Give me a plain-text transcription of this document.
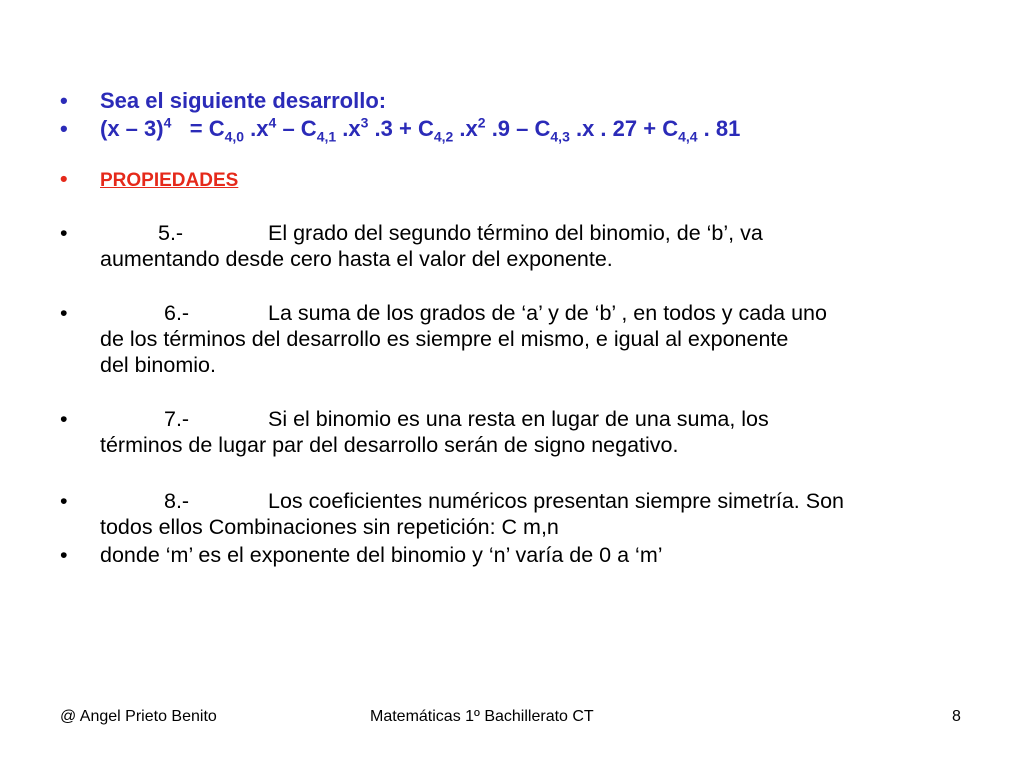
•	Sea el siguiente desarrollo:
•	$(x - 3)^4 = C_{4,0}$ $.x^4 - C_{4,1}$ $.x^3$ $.3 + C_{4,2}$ $.x^2$ $.9 - C_{4,3}$ .x . $27 + C_{4,4}$ . 81
•	PROPIEDADES
•	5.-	El grado del segundo término del binomio, de ‘b’, va
aumentando desde cero hasta el valor del exponente.
•	6.-	La suma de los grados de ‘a’ y de ‘b’ , en todos y cada uno
de los términos del desarrollo es siempre el mismo, e igual al exponente
del binomio.
•	7.-	Si el binomio es una resta en lugar de una suma, los
términos de lugar par del desarrollo serán de signo negativo.
•	8.-	Los coeficientes numéricos presentan siempre simetría. Son
todos ellos Combinaciones sin repetición: C m,n
•	donde ‘m’ es el exponente del binomio y ‘n’ varía de 0 a ‘m’
@ Angel Prieto Benito	Matemáticas 1º Bachillerato CT	8
